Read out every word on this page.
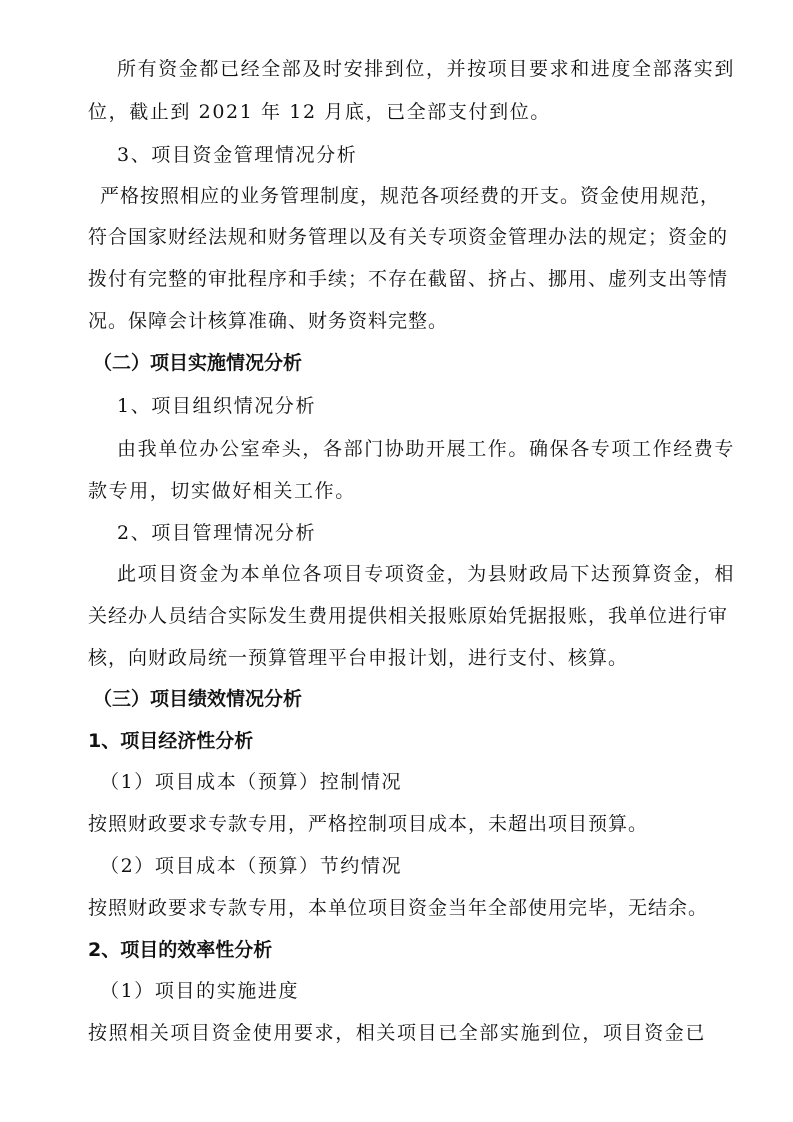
所有资金都已经全部及时安排到位，并按项目要求和进度全部落实到
位，截止到 2021 年 12 月底，已全部支付到位。
3、项目资金管理情况分析
严格按照相应的业务管理制度，规范各项经费的开支。资金使用规范，
符合国家财经法规和财务管理以及有关专项资金管理办法的规定；资金的
拨付有完整的审批程序和手续；不存在截留、挤占、挪用、虚列支出等情
况。保障会计核算准确、财务资料完整。
（二）项目实施情况分析
1、项目组织情况分析
由我单位办公室牵头，各部门协助开展工作。确保各专项工作经费专
款专用，切实做好相关工作。
2、项目管理情况分析
此项目资金为本单位各项目专项资金，为县财政局下达预算资金，相
关经办人员结合实际发生费用提供相关报账原始凭据报账，我单位进行审
核，向财政局统一预算管理平台申报计划，进行支付、核算。
（三）项目绩效情况分析
1、项目经济性分析
（1）项目成本（预算）控制情况
按照财政要求专款专用，严格控制项目成本，未超出项目预算。
（2）项目成本（预算）节约情况
按照财政要求专款专用，本单位项目资金当年全部使用完毕，无结余。
2、项目的效率性分析
（1）项目的实施进度
按照相关项目资金使用要求，相关项目已全部实施到位，项目资金已
